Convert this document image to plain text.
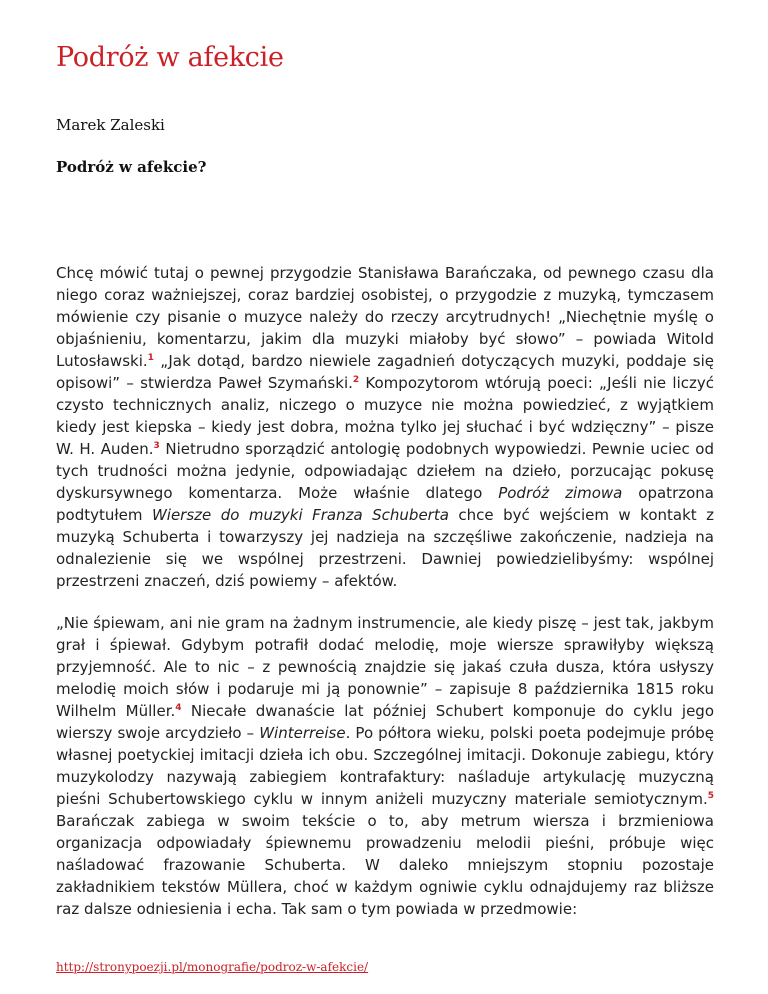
Podróż w afekcie

Marek Zaleski

Podróż w afekcie?

Chcę mówić tutaj o pewnej przygodzie Stanisława Barańczaka, od pewnego czasu dla niego coraz ważniejszej, coraz bardziej osobistej, o przygodzie z muzyką, tymczasem mówienie czy pisanie o muzyce należy do rzeczy arcytrudnych! „Niechętnie myślę o objaśnieniu, komentarzu, jakim dla muzyki miałoby być słowo” – powiada Witold Lutosławski.$^1$ „Jak dotąd, bardzo niewiele zagadnień dotyczących muzyki, poddaje się opisowi” – stwierdza Paweł Szymański.$^2$ Kompozytorom wtórują poeci: „Jeśli nie liczyć czysto technicznych analiz, niczego o muzyce nie można powiedzieć, z wyjątkiem kiedy jest kiepska – kiedy jest dobra, można tylko jej słuchać i być wdzięczny” – pisze W. H. Auden.$^3$ Nietrudno sporządzić antologię podobnych wypowiedzi. Pewnie uciec od tych trudności można jedynie, odpowiadając dziełem na dzieło, porzucając pokusę dyskursywnego komentarza. Może właśnie dlatego Podróż zimowa opatrzona podtytułem Wiersze do muzyki Franza Schuberta chce być wejściem w kontakt z muzyką Schuberta i towarzyszy jej nadzieja na szczęśliwe zakończenie, nadzieja na odnalezienie się we wspólnej przestrzeni. Dawniej powiedzielibyśmy: wspólnej przestrzeni znaczeń, dziś powiemy – afektów.

„Nie śpiewam, ani nie gram na żadnym instrumencie, ale kiedy piszę – jest tak, jakbym grał i śpiewał. Gdybym potrafił dodać melodię, moje wiersze sprawiłyby większą przyjemność. Ale to nic – z pewnością znajdzie się jakaś czuła dusza, która usłyszy melodię moich słów i podaruje mi ją ponownie” – zapisuje 8 października 1815 roku Wilhelm Müller.$^4$ Niecałe dwanaście lat później Schubert komponuje do cyklu jego wierszy swoje arcydzieło – Winterreise. Po półtora wieku, polski poeta podejmuje próbę własnej poetyckiej imitacji dzieła ich obu. Szczególnej imitacji. Dokonuje zabiegu, który muzykolodzy nazywają zabiegiem kontrafaktury: naśladuje artykulację muzyczną pieśni Schubertowskiego cyklu w innym aniżeli muzyczny materiale semiotycznym.$^5$ Barańczak zabiega w swoim tekście o to, aby metrum wiersza i brzmieniowa organizacja odpowiadały śpiewnemu prowadzeniu melodii pieśni, próbuje więc naśladować frazowanie Schuberta. W daleko mniejszym stopniu pozostaje zakładnikiem tekstów Müllera, choć w każdym ogniwie cyklu odnajdujemy raz bliższe raz dalsze odniesienia i echa. Tak sam o tym powiada w przedmowie:

http://stronypoezji.pl/monografie/podroz-w-afekcie/
